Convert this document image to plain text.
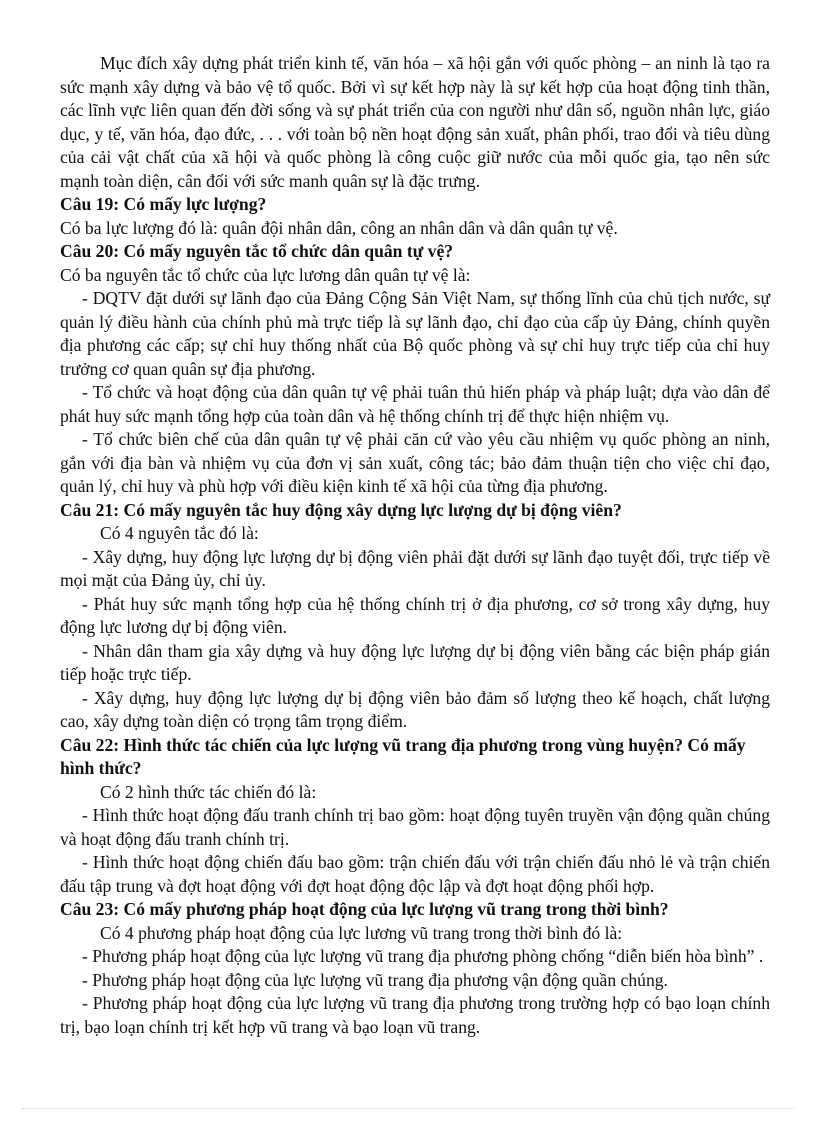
Mục đích xây dựng phát triển kinh tế, văn hóa – xã hội gắn với quốc phòng – an ninh là tạo ra sức mạnh xây dựng và bảo vệ tổ quốc. Bởi vì sự kết hợp này là sự kết hợp của hoạt động tinh thần, các lĩnh vực liên quan đến đời sống và sự phát triển của con người như dân số, nguồn nhân lực, giáo dục, y tế, văn hóa, đạo đức, . . . với toàn bộ nền hoạt động sản xuất, phân phối, trao đổi và tiêu dùng của cải vật chất của xã hội và quốc phòng là công cuộc giữ nước của mỗi quốc gia, tạo nên sức mạnh toàn diện, cân đối với sức manh quân sự là đặc trưng.

Câu 19: Có mấy lực lượng?

Có ba lực lượng đó là: quân đội nhân dân, công an nhân dân và dân quân tự vệ.

Câu 20: Có mấy nguyên tắc tổ chức dân quân tự vệ?

Có ba nguyên tắc tổ chức của lực lương dân quân tự vệ là:

- DQTV đặt dưới sự lãnh đạo của Đảng Cộng Sản Việt Nam, sự thống lĩnh của chủ tịch nước, sự quản lý điều hành của chính phủ mà trực tiếp là sự lãnh đạo, chỉ đạo của cấp ủy Đảng, chính quyền địa phương các cấp; sự chỉ huy thống nhất của Bộ quốc phòng và sự chỉ huy trực tiếp của chỉ huy trưởng cơ quan quân sự địa phương.

- Tổ chức và hoạt động của dân quân tự vệ phải tuân thủ hiến pháp và pháp luật; dựa vào dân để phát huy sức mạnh tổng hợp của toàn dân và hệ thống chính trị để thực hiện nhiệm vụ.

- Tổ chức biên chế của dân quân tự vệ phải căn cứ vào yêu cầu nhiệm vụ quốc phòng an ninh, gắn với địa bàn và nhiệm vụ của đơn vị sản xuất, công tác; bảo đảm thuận tiện cho việc chỉ đạo, quản lý, chỉ huy và phù hợp với điều kiện kinh tế xã hội của từng địa phương.

Câu 21: Có mấy nguyên tắc huy động xây dựng lực lượng dự bị động viên?

Có 4 nguyên tắc đó là:

- Xây dựng, huy động lực lượng dự bị động viên phải đặt dưới sự lãnh đạo tuyệt đối, trực tiếp về mọi mặt của Đảng ủy, chỉ ủy.

- Phát huy sức mạnh tổng hợp của hệ thống chính trị ở địa phương, cơ sở trong xây dựng, huy động lực lương dự bị động viên.

- Nhân dân tham gia xây dựng và huy động lực lượng dự bị động viên bằng các biện pháp gián tiếp hoặc trực tiếp.

- Xây dựng, huy động lực lượng dự bị động viên bảo đảm số lượng theo kế hoạch, chất lượng cao, xây dựng toàn diện có trọng tâm trọng điểm.

Câu 22: Hình thức tác chiến của lực lượng vũ trang địa phương trong vùng huyện? Có mấy hình thức?

Có 2 hình thức tác chiến đó là:

- Hình thức hoạt động đấu tranh chính trị bao gồm: hoạt động tuyên truyền vận động quần chúng và hoạt động đấu tranh chính trị.

- Hình thức hoạt động chiến đấu bao gồm: trận chiến đấu với trận chiến đấu nhỏ lẻ và trận chiến đấu tập trung và đợt hoạt động với đợt hoạt động độc lập và đợt hoạt động phối hợp.

Câu 23: Có mấy phương pháp hoạt động của lực lượng vũ trang trong thời bình?

Có 4 phương pháp hoạt động của lực lương vũ trang trong thời bình đó là:

- Phương pháp hoạt động của lực lượng vũ trang địa phương phòng chống “diễn biến hòa bình” .

- Phương pháp hoạt động của lực lượng vũ trang địa phương vận động quần chúng.

- Phương pháp hoạt động của lực lượng vũ trang địa phương trong trường hợp có bạo loạn chính trị, bạo loạn chính trị kết hợp vũ trang và bạo loạn vũ trang.
